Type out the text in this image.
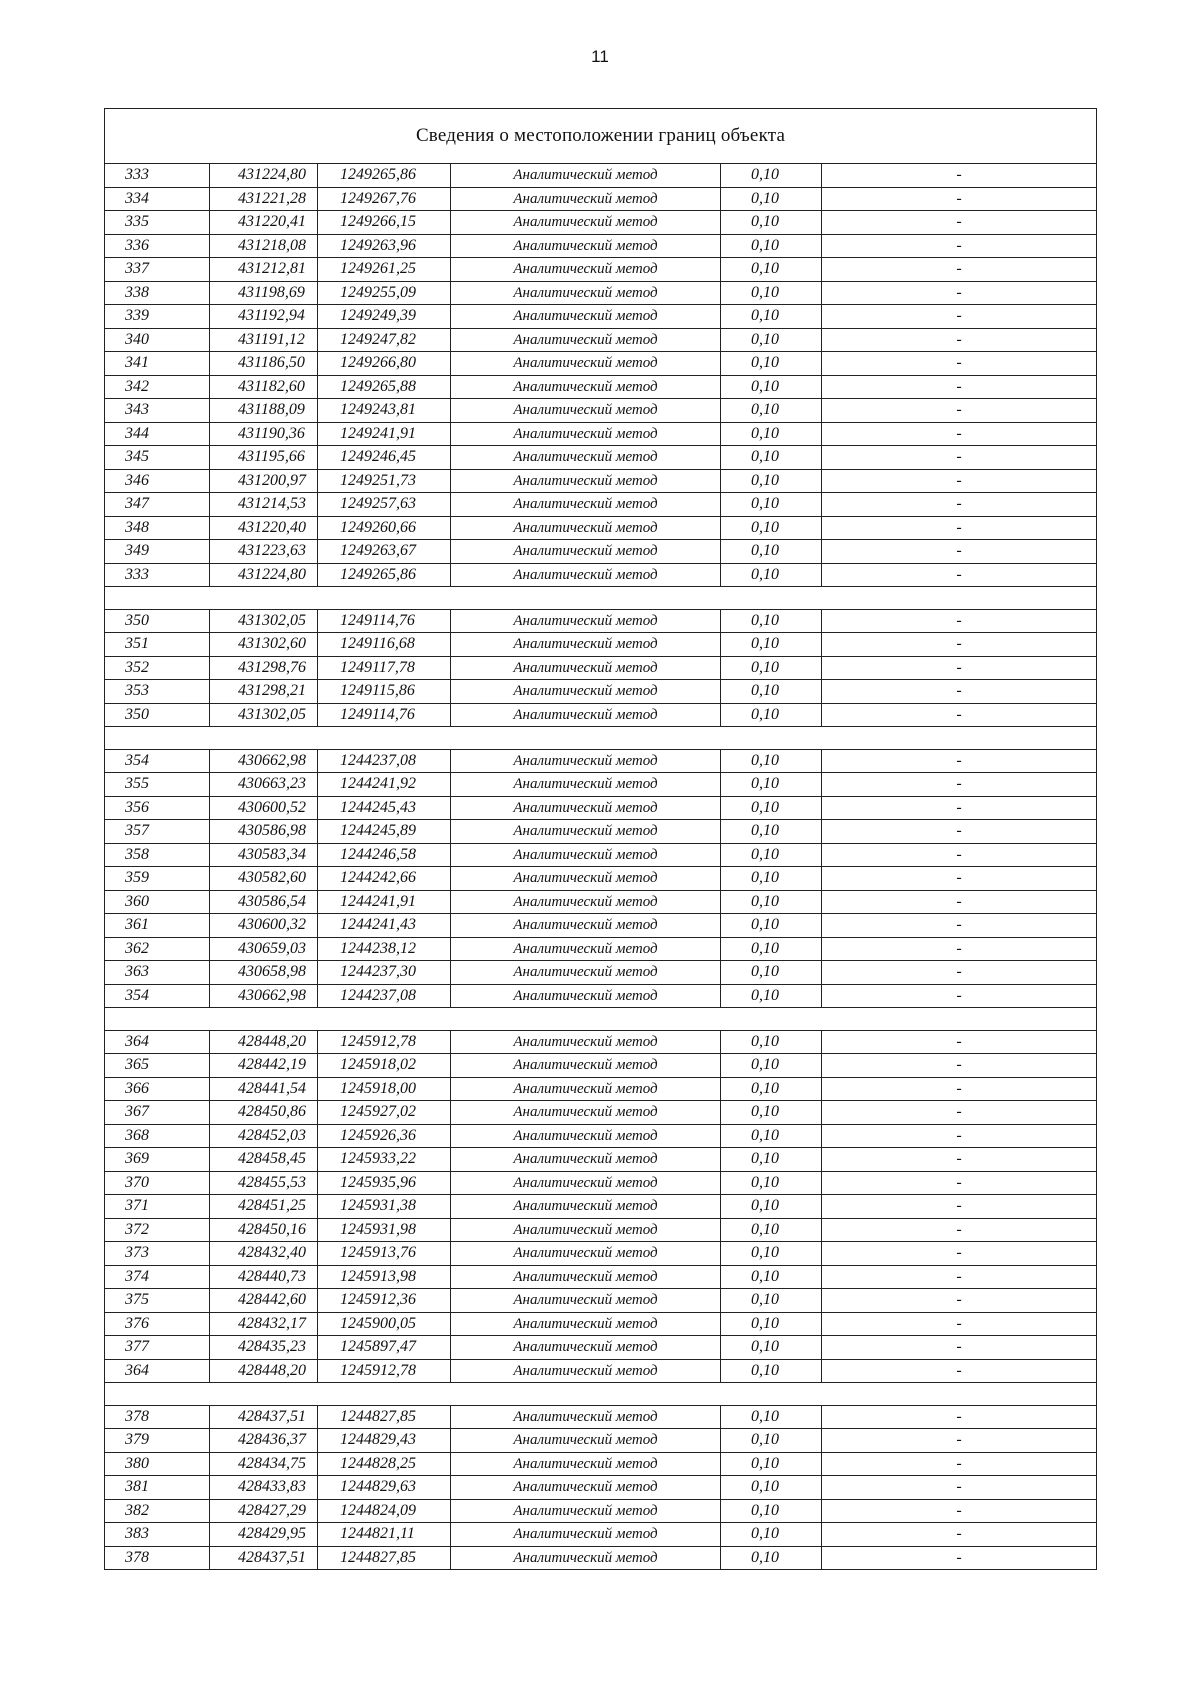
11
Сведения о местоположении границ объекта					
333	431224,80	1249265,86	Аналитический метод	0,10	-
334	431221,28	1249267,76	Аналитический метод	0,10	-
335	431220,41	1249266,15	Аналитический метод	0,10	-
336	431218,08	1249263,96	Аналитический метод	0,10	-
337	431212,81	1249261,25	Аналитический метод	0,10	-
338	431198,69	1249255,09	Аналитический метод	0,10	-
339	431192,94	1249249,39	Аналитический метод	0,10	-
340	431191,12	1249247,82	Аналитический метод	0,10	-
341	431186,50	1249266,80	Аналитический метод	0,10	-
342	431182,60	1249265,88	Аналитический метод	0,10	-
343	431188,09	1249243,81	Аналитический метод	0,10	-
344	431190,36	1249241,91	Аналитический метод	0,10	-
345	431195,66	1249246,45	Аналитический метод	0,10	-
346	431200,97	1249251,73	Аналитический метод	0,10	-
347	431214,53	1249257,63	Аналитический метод	0,10	-
348	431220,40	1249260,66	Аналитический метод	0,10	-
349	431223,63	1249263,67	Аналитический метод	0,10	-
333	431224,80	1249265,86	Аналитический метод	0,10	-

350	431302,05	1249114,76	Аналитический метод	0,10	-
351	431302,60	1249116,68	Аналитический метод	0,10	-
352	431298,76	1249117,78	Аналитический метод	0,10	-
353	431298,21	1249115,86	Аналитический метод	0,10	-
350	431302,05	1249114,76	Аналитический метод	0,10	-

354	430662,98	1244237,08	Аналитический метод	0,10	-
355	430663,23	1244241,92	Аналитический метод	0,10	-
356	430600,52	1244245,43	Аналитический метод	0,10	-
357	430586,98	1244245,89	Аналитический метод	0,10	-
358	430583,34	1244246,58	Аналитический метод	0,10	-
359	430582,60	1244242,66	Аналитический метод	0,10	-
360	430586,54	1244241,91	Аналитический метод	0,10	-
361	430600,32	1244241,43	Аналитический метод	0,10	-
362	430659,03	1244238,12	Аналитический метод	0,10	-
363	430658,98	1244237,30	Аналитический метод	0,10	-
354	430662,98	1244237,08	Аналитический метод	0,10	-

364	428448,20	1245912,78	Аналитический метод	0,10	-
365	428442,19	1245918,02	Аналитический метод	0,10	-
366	428441,54	1245918,00	Аналитический метод	0,10	-
367	428450,86	1245927,02	Аналитический метод	0,10	-
368	428452,03	1245926,36	Аналитический метод	0,10	-
369	428458,45	1245933,22	Аналитический метод	0,10	-
370	428455,53	1245935,96	Аналитический метод	0,10	-
371	428451,25	1245931,38	Аналитический метод	0,10	-
372	428450,16	1245931,98	Аналитический метод	0,10	-
373	428432,40	1245913,76	Аналитический метод	0,10	-
374	428440,73	1245913,98	Аналитический метод	0,10	-
375	428442,60	1245912,36	Аналитический метод	0,10	-
376	428432,17	1245900,05	Аналитический метод	0,10	-
377	428435,23	1245897,47	Аналитический метод	0,10	-
364	428448,20	1245912,78	Аналитический метод	0,10	-

378	428437,51	1244827,85	Аналитический метод	0,10	-
379	428436,37	1244829,43	Аналитический метод	0,10	-
380	428434,75	1244828,25	Аналитический метод	0,10	-
381	428433,83	1244829,63	Аналитический метод	0,10	-
382	428427,29	1244824,09	Аналитический метод	0,10	-
383	428429,95	1244821,11	Аналитический метод	0,10	-
378	428437,51	1244827,85	Аналитический метод	0,10	-
